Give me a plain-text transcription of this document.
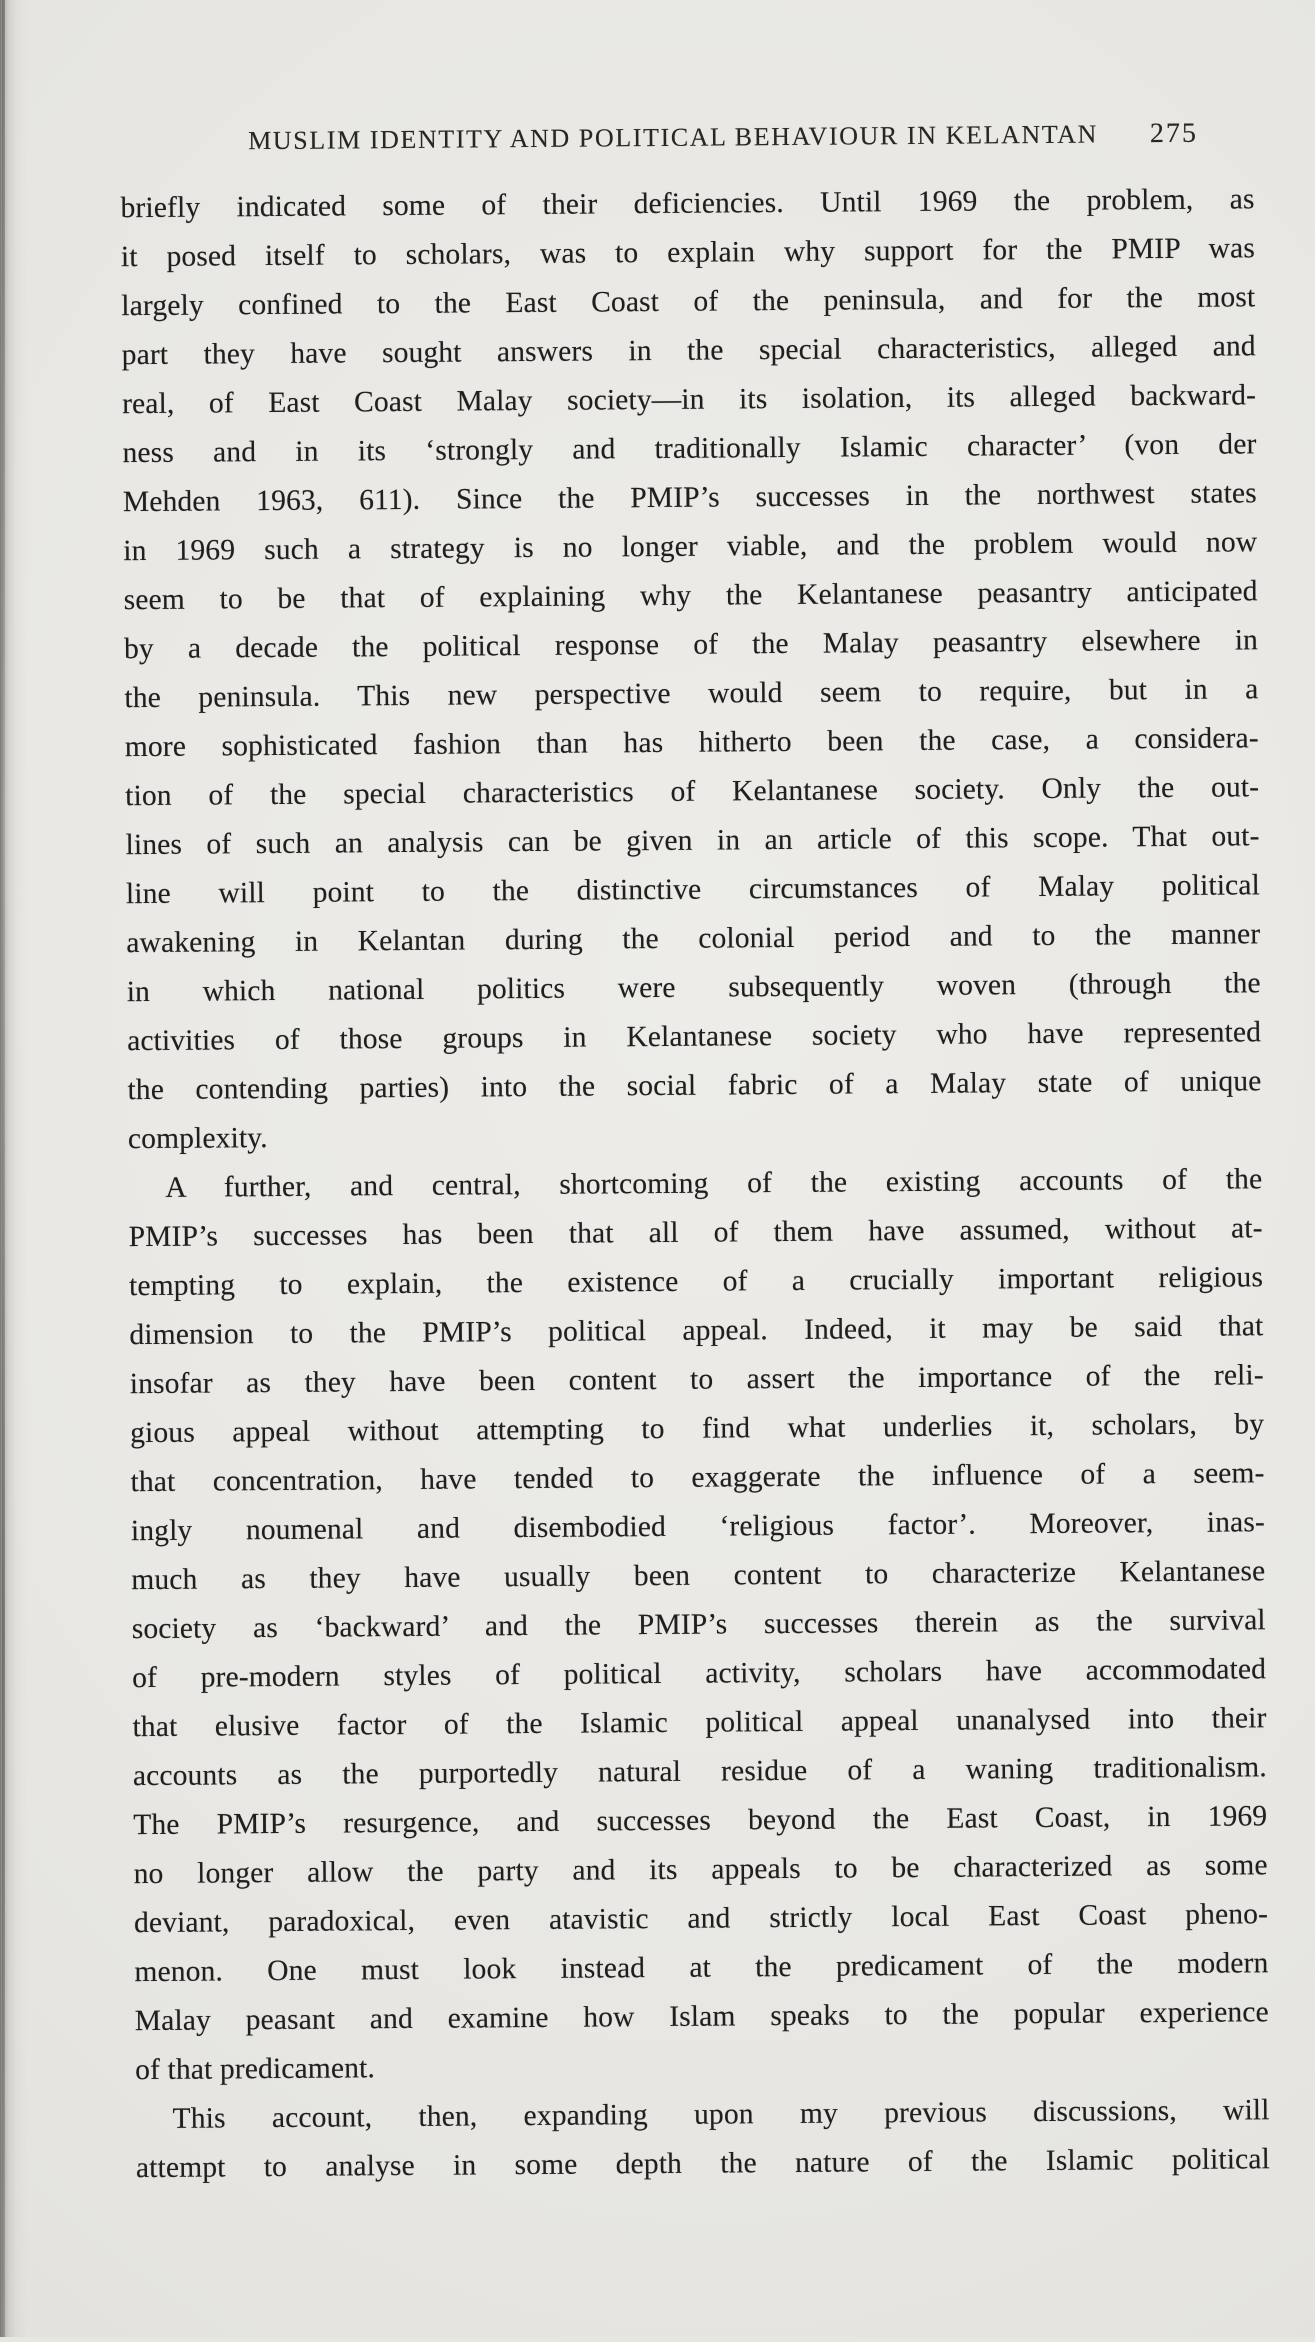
MUSLIM IDENTITY AND POLITICAL BEHAVIOUR IN KELANTAN 275
briefly indicated some of their deficiencies. Until 1969 the problem, as
it posed itself to scholars, was to explain why support for the PMIP was
largely confined to the East Coast of the peninsula, and for the most
part they have sought answers in the special characteristics, alleged and
real, of East Coast Malay society—in its isolation, its alleged backward-
ness and in its ‘strongly and traditionally Islamic character’ (von der
Mehden 1963, 611). Since the PMIP’s successes in the northwest states
in 1969 such a strategy is no longer viable, and the problem would now
seem to be that of explaining why the Kelantanese peasantry anticipated
by a decade the political response of the Malay peasantry elsewhere in
the peninsula. This new perspective would seem to require, but in a
more sophisticated fashion than has hitherto been the case, a considera-
tion of the special characteristics of Kelantanese society. Only the out-
lines of such an analysis can be given in an article of this scope. That out-
line will point to the distinctive circumstances of Malay political
awakening in Kelantan during the colonial period and to the manner
in which national politics were subsequently woven (through the
activities of those groups in Kelantanese society who have represented
the contending parties) into the social fabric of a Malay state of unique
complexity.
A further, and central, shortcoming of the existing accounts of the
PMIP’s successes has been that all of them have assumed, without at-
tempting to explain, the existence of a crucially important religious
dimension to the PMIP’s political appeal. Indeed, it may be said that
insofar as they have been content to assert the importance of the reli-
gious appeal without attempting to find what underlies it, scholars, by
that concentration, have tended to exaggerate the influence of a seem-
ingly noumenal and disembodied ‘religious factor’. Moreover, inas-
much as they have usually been content to characterize Kelantanese
society as ‘backward’ and the PMIP’s successes therein as the survival
of pre-modern styles of political activity, scholars have accommodated
that elusive factor of the Islamic political appeal unanalysed into their
accounts as the purportedly natural residue of a waning traditionalism.
The PMIP’s resurgence, and successes beyond the East Coast, in 1969
no longer allow the party and its appeals to be characterized as some
deviant, paradoxical, even atavistic and strictly local East Coast pheno-
menon. One must look instead at the predicament of the modern
Malay peasant and examine how Islam speaks to the popular experience
of that predicament.
This account, then, expanding upon my previous discussions, will
attempt to analyse in some depth the nature of the Islamic political
